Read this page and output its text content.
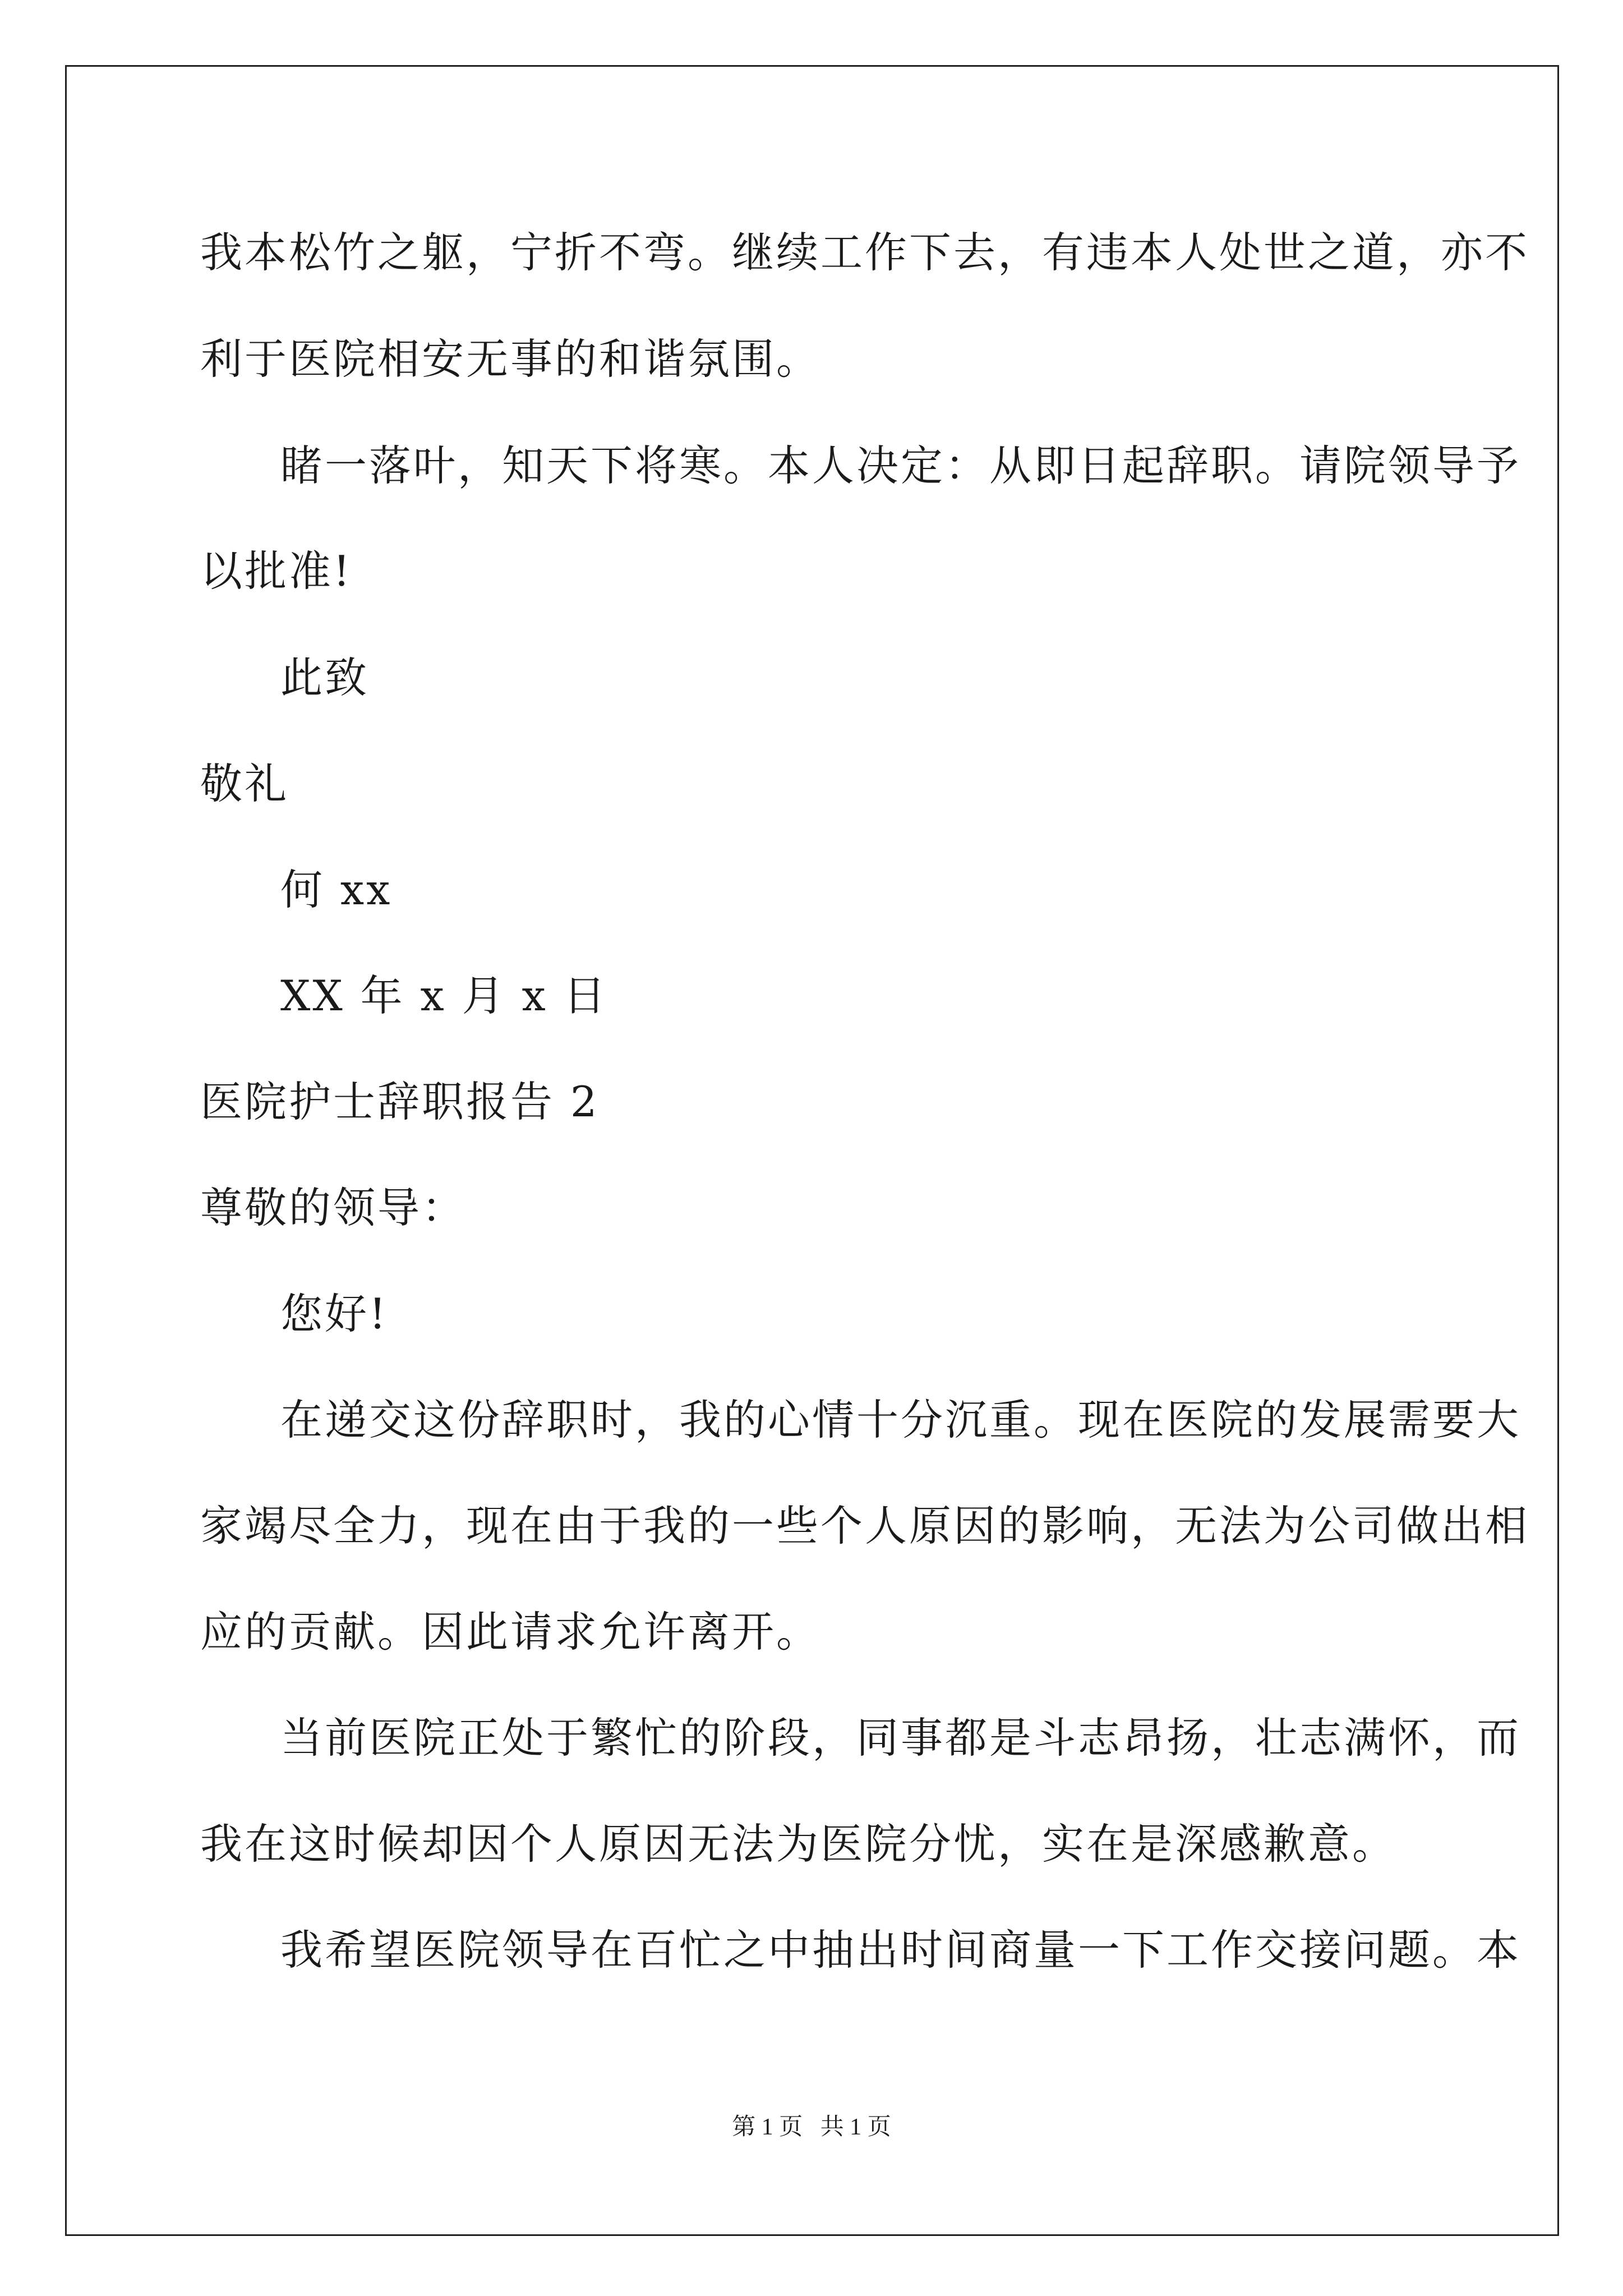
我本松竹之躯，宁折不弯。继续工作下去，有违本人处世之道，亦不
利于医院相安无事的和谐氛围。
睹一落叶，知天下将寒。本人决定：从即日起辞职。请院领导予
以批准!
此致
敬礼
何 xx
XX 年 x 月 x 日
医院护士辞职报告 2
尊敬的领导：
您好!
在递交这份辞职时，我的心情十分沉重。现在医院的发展需要大
家竭尽全力，现在由于我的一些个人原因的影响，无法为公司做出相
应的贡献。因此请求允许离开。
当前医院正处于繁忙的阶段，同事都是斗志昂扬，壮志满怀，而
我在这时候却因个人原因无法为医院分忧，实在是深感歉意。
我希望医院领导在百忙之中抽出时间商量一下工作交接问题。本
第 1 页   共 1 页
